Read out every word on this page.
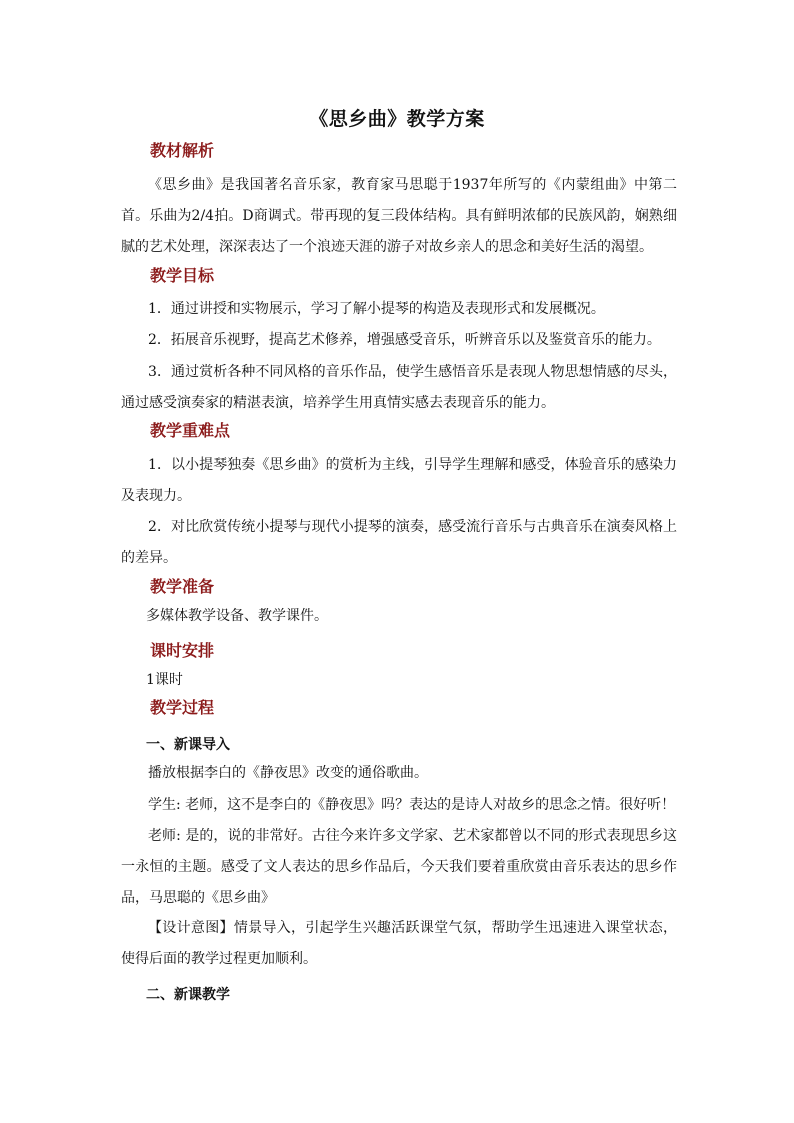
《思乡曲》教学方案
教材解析

《思乡曲》是我国著名音乐家，教育家马思聪于1937年所写的《内蒙组曲》中第二首。乐曲为2/4拍。D商调式。带再现的复三段体结构。具有鲜明浓郁的民族风韵，娴熟细腻的艺术处理，深深表达了一个浪迹天涯的游子对故乡亲人的思念和美好生活的渴望。

教学目标

1．通过讲授和实物展示，学习了解小提琴的构造及表现形式和发展概况。

2．拓展音乐视野，提高艺术修养，增强感受音乐，听辨音乐以及鉴赏音乐的能力。

3．通过赏析各种不同风格的音乐作品，使学生感悟音乐是表现人物思想情感的尽头，通过感受演奏家的精湛表演，培养学生用真情实感去表现音乐的能力。

教学重难点

1．以小提琴独奏《思乡曲》的赏析为主线，引导学生理解和感受，体验音乐的感染力及表现力。

2．对比欣赏传统小提琴与现代小提琴的演奏，感受流行音乐与古典音乐在演奏风格上的差异。

教学准备

多媒体教学设备、教学课件。

课时安排

1课时

教学过程
一、新课导入

播放根据李白的《静夜思》改变的通俗歌曲。

学生: 老师，这不是李白的《静夜思》吗？表达的是诗人对故乡的思念之情。很好听！

老师: 是的，说的非常好。古往今来许多文学家、艺术家都曾以不同的形式表现思乡这一永恒的主题。感受了文人表达的思乡作品后，今天我们要着重欣赏由音乐表达的思乡作品，马思聪的《思乡曲》

【设计意图】情景导入，引起学生兴趣活跃课堂气氛，帮助学生迅速进入课堂状态，使得后面的教学过程更加顺利。

二、新课教学
